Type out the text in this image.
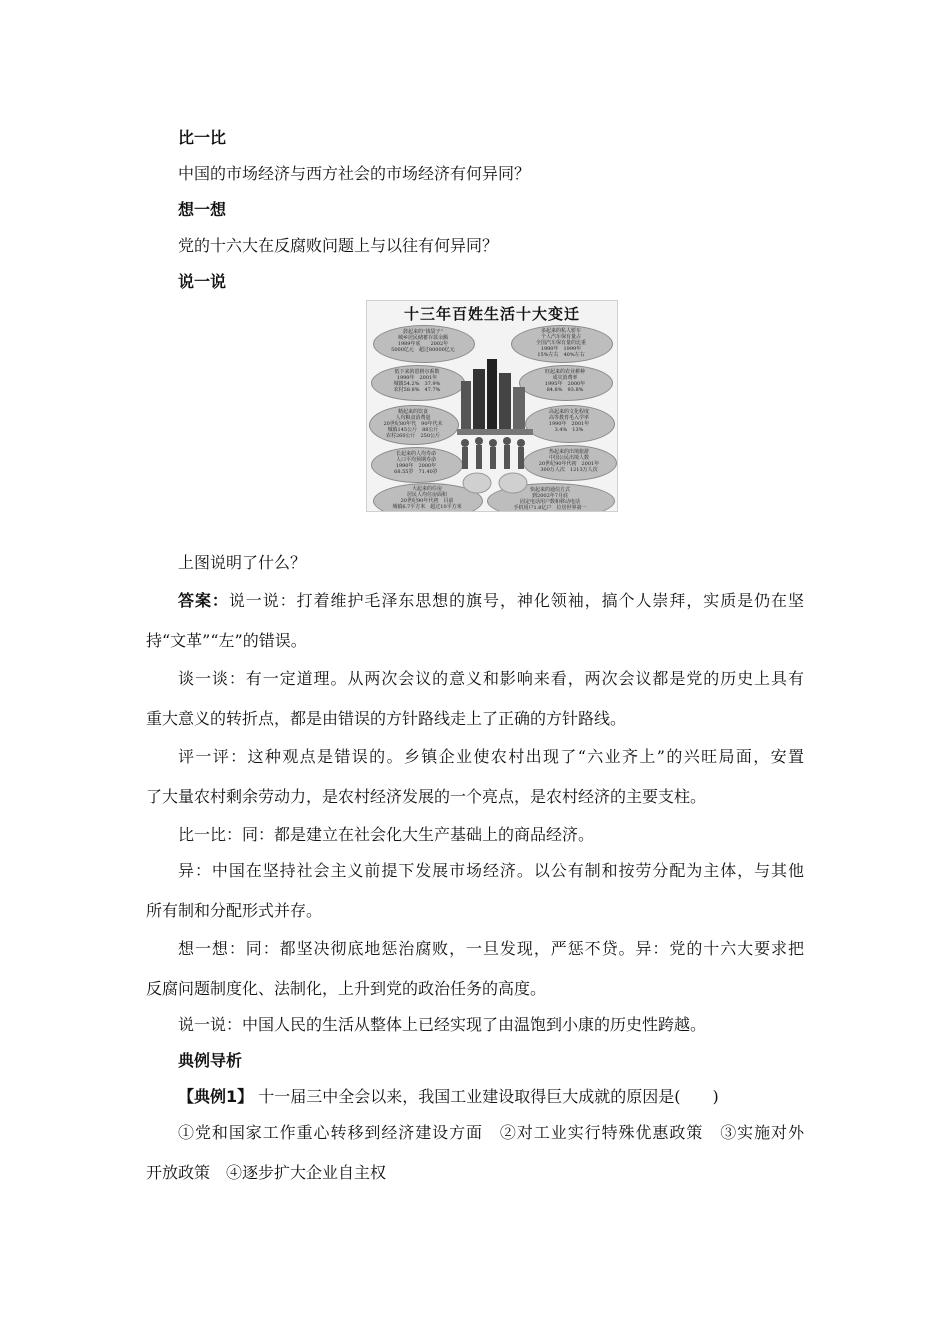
比一比
中国的市场经济与西方社会的市场经济有何异同？
想一想
党的十六大在反腐败问题上与以往有何异同？
说一说
十三年百姓生活十大变迁
鼓起来的“钱袋子”
城乡居民储蓄存款余额
1989年底　　2002年
5000亿元　超过80000亿元
低下来的恩格尔系数
1990年　2001年
城镇54.2%　37.9%
农村58.8%　47.7%
精起来的饮食
人均粮食消费量
20世纪80年代　90年代末
城镇145公斤　88公斤
农村260公斤　250公斤
长起来的人均寿命
人口平均预期寿命
1990年　2000年
68.55岁　71.40岁
大起来的住房
居民人均住房面积
20世纪90年代初　目前
城镇6.7平方米　超过10平方米
多起来的私人轿车
个人汽车保有量占
全国汽车保有量的比重
1990年　1999年
15%左右　40%左右
旺起来的农业耕种
成灾消费率
1995年　2000年
84.8%　93.8%
高起来的文化程度
高等教育毛入学率
1990年　2001年
3.4%　13%
热起来的出境旅游
中国公民出境人数
20世纪90年代初　2001年
300万人次　1213万人次
快起来的通信方式
到2002年7月底
固定电话用户数和移动电话
手机用户1.8亿户　位居世界第一
上图说明了什么？
答案：说一说：打着维护毛泽东思想的旗号，神化领袖，搞个人崇拜，实质是仍在坚
持“文革”“左”的错误。
谈一谈：有一定道理。从两次会议的意义和影响来看，两次会议都是党的历史上具有
重大意义的转折点，都是由错误的方针路线走上了正确的方针路线。
评一评：这种观点是错误的。乡镇企业使农村出现了“六业齐上”的兴旺局面，安置
了大量农村剩余劳动力，是农村经济发展的一个亮点，是农村经济的主要支柱。
比一比：同：都是建立在社会化大生产基础上的商品经济。
异：中国在坚持社会主义前提下发展市场经济。以公有制和按劳分配为主体，与其他
所有制和分配形式并存。
想一想：同：都坚决彻底地惩治腐败，一旦发现，严惩不贷。异：党的十六大要求把
反腐问题制度化、法制化，上升到党的政治任务的高度。
说一说：中国人民的生活从整体上已经实现了由温饱到小康的历史性跨越。
典例导析
【典例1】 十一届三中全会以来，我国工业建设取得巨大成就的原因是(　　)
①党和国家工作重心转移到经济建设方面　②对工业实行特殊优惠政策　③实施对外
开放政策　④逐步扩大企业自主权
